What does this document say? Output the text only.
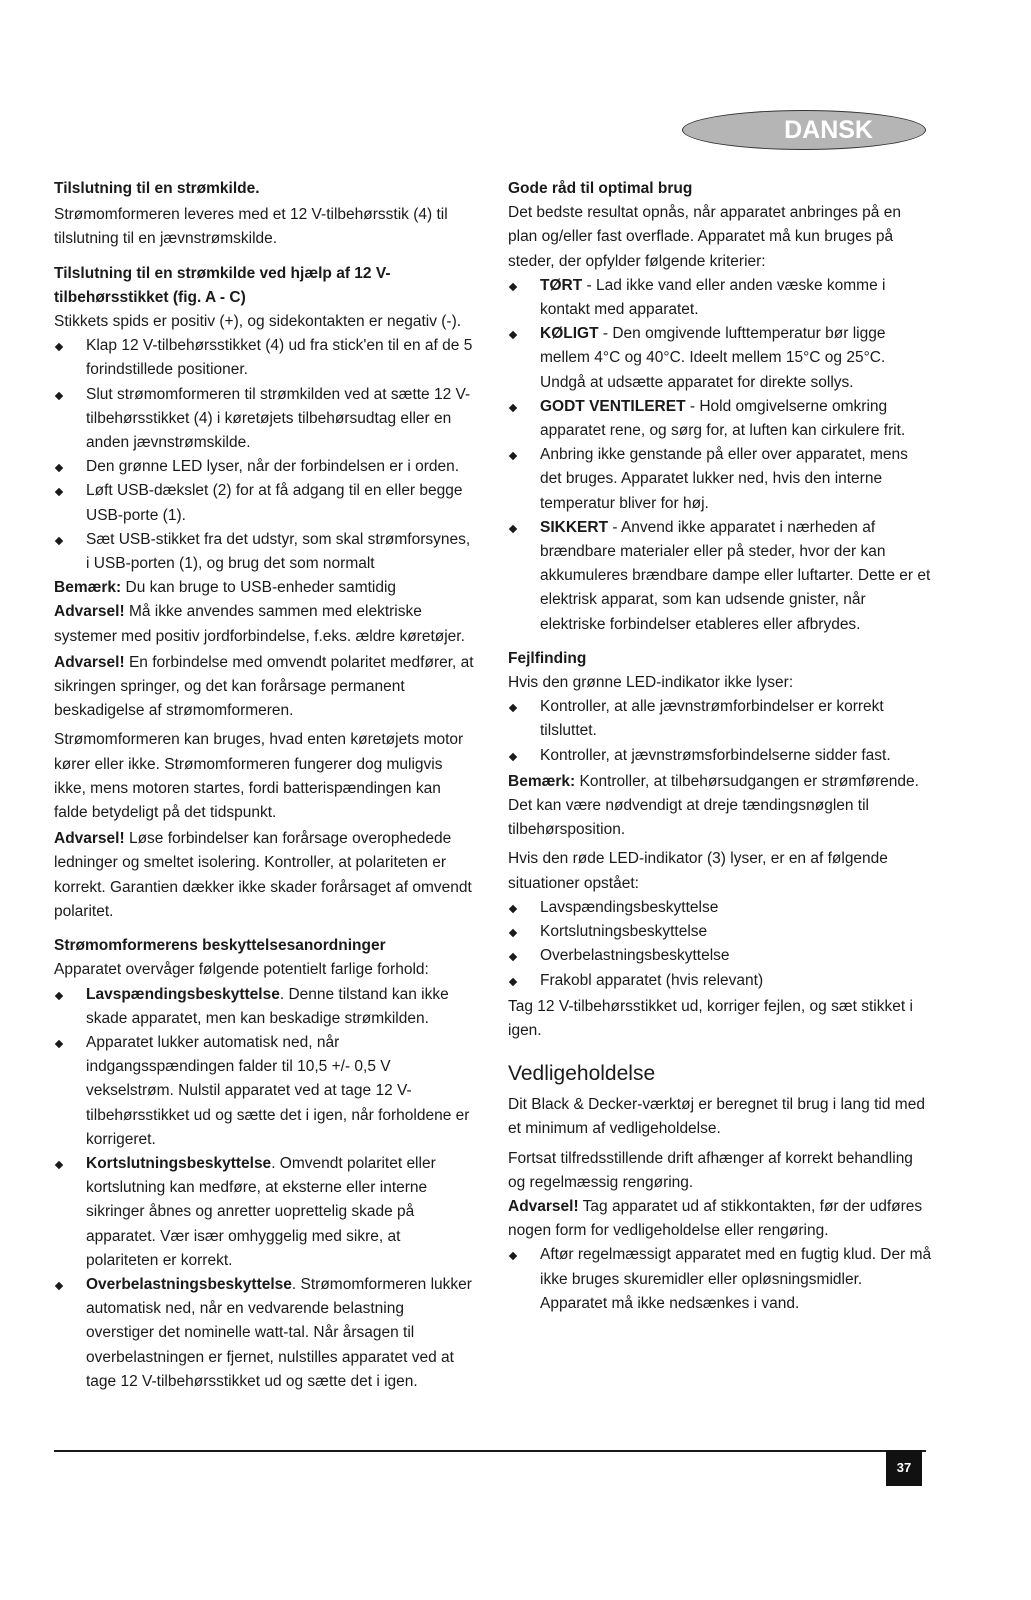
DANSK
Tilslutning til en strømkilde.

Strømomformeren leveres med et 12 V-tilbehørsstik (4) til tilslutning til en jævnstrømskilde.

Tilslutning til en strømkilde ved hjælp af 12 V-tilbehørsstikket (fig. A - C)

Stikkets spids er positiv (+), og sidekontakten er negativ (-).

Klap 12 V-tilbehørsstikket (4) ud fra stick'en til en af de 5 forindstillede positioner.
Slut strømomformeren til strømkilden ved at sætte 12 V-tilbehørsstikket (4) i køretøjets tilbehørsudtag eller en anden jævnstrømskilde.
Den grønne LED lyser, når der forbindelsen er i orden.
Løft USB-dækslet (2) for at få adgang til en eller begge USB-porte (1).
Sæt USB-stikket fra det udstyr, som skal strømforsynes, i USB-porten (1), og brug det som normalt

Bemærk: Du kan bruge to USB-enheder samtidig

Advarsel! Må ikke anvendes sammen med elektriske systemer med positiv jordforbindelse, f.eks. ældre køretøjer.

Advarsel! En forbindelse med omvendt polaritet medfører, at sikringen springer, og det kan forårsage permanent beskadigelse af strømomformeren.

Strømomformeren kan bruges, hvad enten køretøjets motor kører eller ikke. Strømomformeren fungerer dog muligvis ikke, mens motoren startes, fordi batterispændingen kan falde betydeligt på det tidspunkt.

Advarsel! Løse forbindelser kan forårsage overophedede ledninger og smeltet isolering. Kontroller, at polariteten er korrekt. Garantien dækker ikke skader forårsaget af omvendt polaritet.

Strømomformerens beskyttelsesanordninger

Apparatet overvåger følgende potentielt farlige forhold:

Lavspændingsbeskyttelse. Denne tilstand kan ikke skade apparatet, men kan beskadige strømkilden.
Apparatet lukker automatisk ned, når indgangsspændingen falder til 10,5 +/- 0,5 V vekselstrøm. Nulstil apparatet ved at tage 12 V-tilbehørsstikket ud og sætte det i igen, når forholdene er korrigeret.
Kortslutningsbeskyttelse. Omvendt polaritet eller kortslutning kan medføre, at eksterne eller interne sikringer åbnes og anretter uoprettelig skade på apparatet. Vær især omhyggelig med sikre, at polariteten er korrekt.
Overbelastningsbeskyttelse. Strømomformeren lukker automatisk ned, når en vedvarende belastning overstiger det nominelle watt-tal. Når årsagen til overbelastningen er fjernet, nulstilles apparatet ved at tage 12 V-tilbehørsstikket ud og sætte det i igen.
Gode råd til optimal brug

Det bedste resultat opnås, når apparatet anbringes på en plan og/eller fast overflade. Apparatet må kun bruges på steder, der opfylder følgende kriterier:

TØRT - Lad ikke vand eller anden væske komme i kontakt med apparatet.
KØLIGT - Den omgivende lufttemperatur bør ligge mellem 4°C og 40°C. Ideelt mellem 15°C og 25°C. Undgå at udsætte apparatet for direkte sollys.
GODT VENTILERET - Hold omgivelserne omkring apparatet rene, og sørg for, at luften kan cirkulere frit.
Anbring ikke genstande på eller over apparatet, mens det bruges. Apparatet lukker ned, hvis den interne temperatur bliver for høj.
SIKKERT - Anvend ikke apparatet i nærheden af brændbare materialer eller på steder, hvor der kan akkumuleres brændbare dampe eller luftarter. Dette er et elektrisk apparat, som kan udsende gnister, når elektriske forbindelser etableres eller afbrydes.
Fejlfinding

Hvis den grønne LED-indikator ikke lyser:

Kontroller, at alle jævnstrømforbindelser er korrekt tilsluttet.
Kontroller, at jævnstrømsforbindelserne sidder fast.

Bemærk: Kontroller, at tilbehørsudgangen er strømførende. Det kan være nødvendigt at dreje tændingsnøglen til tilbehørsposition.

Hvis den røde LED-indikator (3) lyser, er en af følgende situationer opstået:

Lavspændingsbeskyttelse
Kortslutningsbeskyttelse
Overbelastningsbeskyttelse
Frakobl apparatet (hvis relevant)

Tag 12 V-tilbehørsstikket ud, korriger fejlen, og sæt stikket i igen.

Vedligeholdelse

Dit Black & Decker-værktøj er beregnet til brug i lang tid med et minimum af vedligeholdelse.

Fortsat tilfredsstillende drift afhænger af korrekt behandling og regelmæssig rengøring.

Advarsel! Tag apparatet ud af stikkontakten, før der udføres nogen form for vedligeholdelse eller rengøring.

Aftør regelmæssigt apparatet med en fugtig klud. Der må ikke bruges skuremidler eller opløsningsmidler. Apparatet må ikke nedsænkes i vand.
37
